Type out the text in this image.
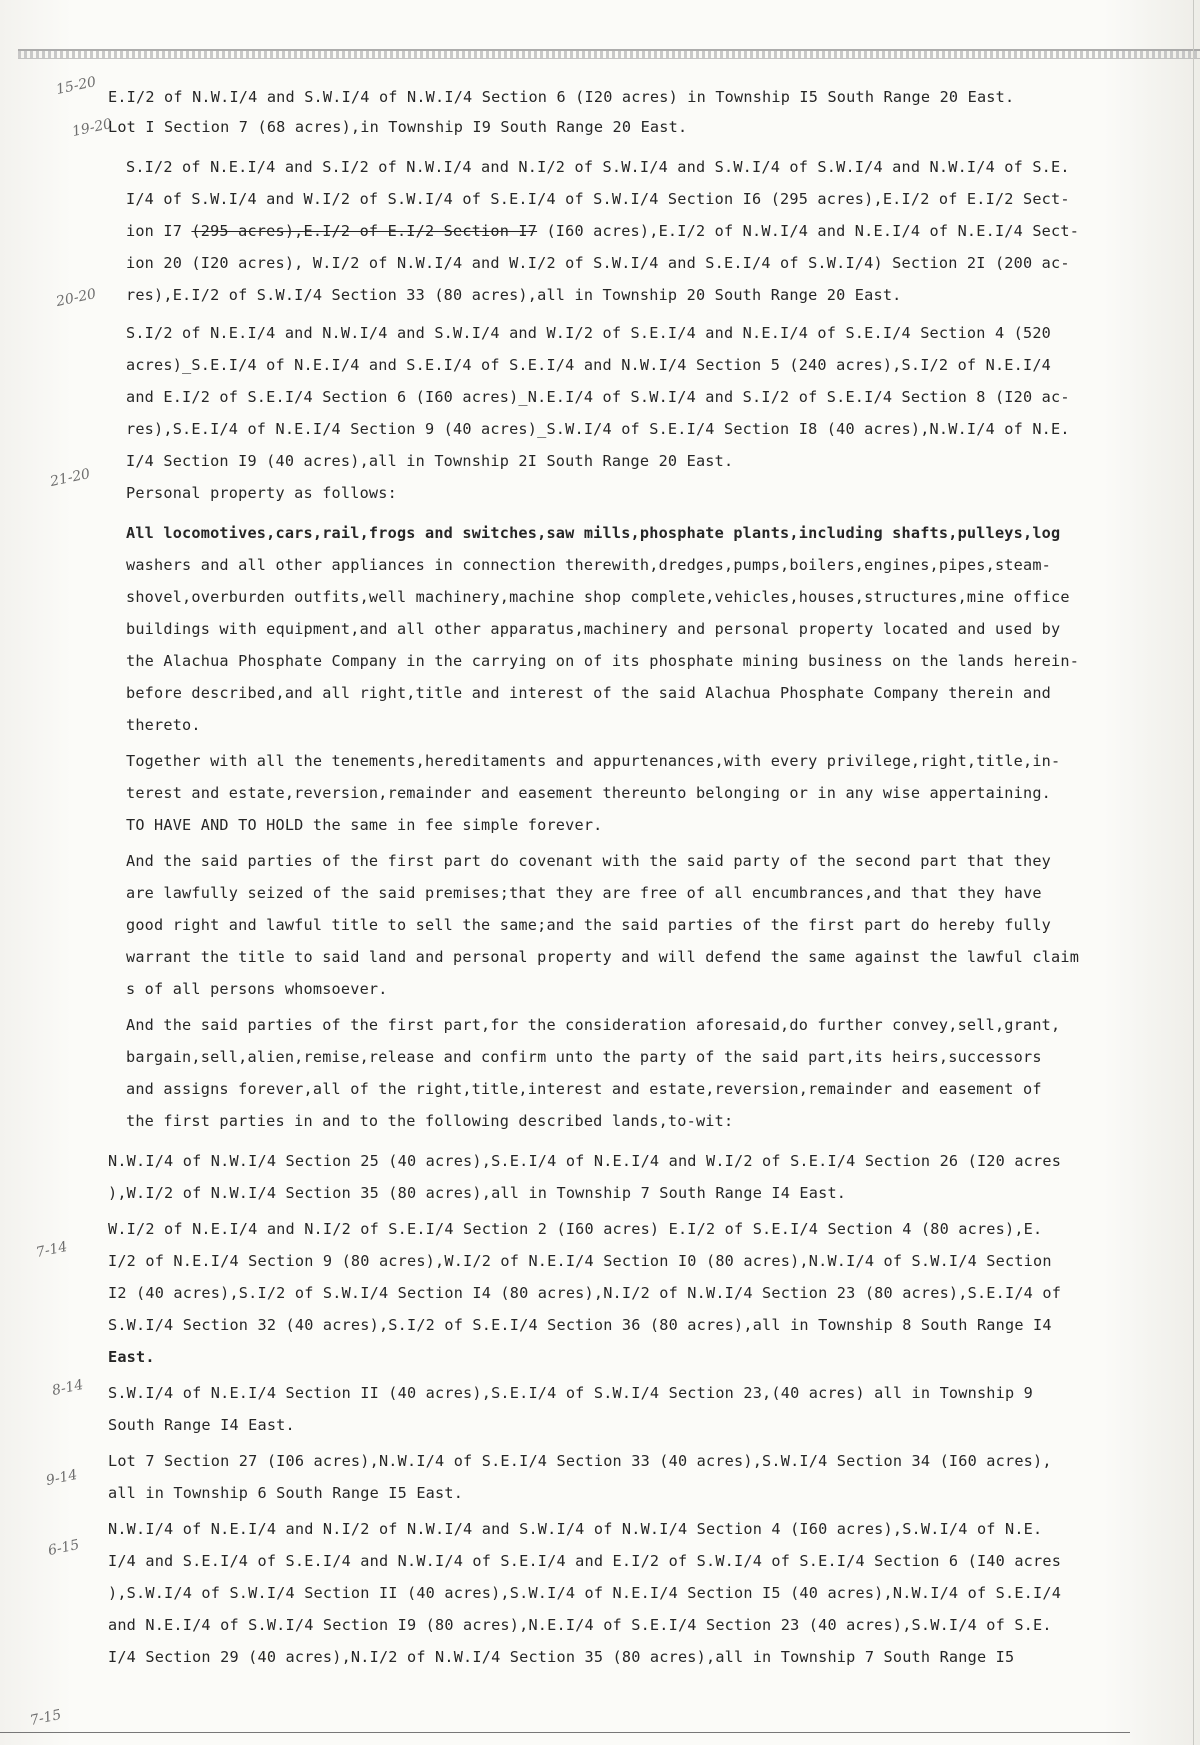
15-20
19-20
20-20
21-20
7-14
8-14
9-14
6-15
7-15
E.I/2 of N.W.I/4 and S.W.I/4 of N.W.I/4 Section 6 (I20 acres) in Township I5 South Range 20 East.
Lot I Section 7 (68 acres),in Township I9 South Range 20 East.
S.I/2 of N.E.I/4 and S.I/2 of N.W.I/4 and N.I/2 of S.W.I/4 and S.W.I/4 of S.W.I/4 and N.W.I/4 of S.E.
I/4 of S.W.I/4 and W.I/2 of S.W.I/4 of S.E.I/4 of S.W.I/4 Section I6 (295 acres),E.I/2 of E.I/2 Sect-
ion I7 (295 acres),E.I/2 of E.I/2 Section I7 (I60 acres),E.I/2 of N.W.I/4 and N.E.I/4 of N.E.I/4 Sect-
ion 20 (I20 acres), W.I/2 of N.W.I/4 and W.I/2 of S.W.I/4 and S.E.I/4 of S.W.I/4) Section 2I (200 ac-
res),E.I/2 of S.W.I/4 Section 33 (80 acres),all in Township 20 South Range 20 East.
S.I/2 of N.E.I/4 and N.W.I/4 and S.W.I/4 and W.I/2 of S.E.I/4 and N.E.I/4 of S.E.I/4 Section 4 (520
acres)_S.E.I/4 of N.E.I/4 and S.E.I/4 of S.E.I/4 and N.W.I/4 Section 5 (240 acres),S.I/2 of N.E.I/4
and E.I/2 of S.E.I/4 Section 6 (I60 acres)_N.E.I/4 of S.W.I/4 and S.I/2 of S.E.I/4 Section 8 (I20 ac-
res),S.E.I/4 of N.E.I/4 Section 9 (40 acres)_S.W.I/4 of S.E.I/4 Section I8 (40 acres),N.W.I/4 of N.E.
I/4 Section I9 (40 acres),all in Township 2I South Range 20 East.
Personal property as follows:
All locomotives,cars,rail,frogs and switches,saw mills,phosphate plants,including shafts,pulleys,log
washers and all other appliances in connection therewith,dredges,pumps,boilers,engines,pipes,steam-
shovel,overburden outfits,well machinery,machine shop complete,vehicles,houses,structures,mine office
buildings with equipment,and all other apparatus,machinery and personal property located and used by
the Alachua Phosphate Company in the carrying on of its phosphate mining business on the lands herein-
before described,and all right,title and interest of the said Alachua Phosphate Company therein and
thereto.
Together with all the tenements,hereditaments and appurtenances,with every privilege,right,title,in-
terest and estate,reversion,remainder and easement thereunto belonging or in any wise appertaining.
TO HAVE AND TO HOLD the same in fee simple forever.
And the said parties of the first part do covenant with the said party of the second part that they
are lawfully seized of the said premises;that they are free of all encumbrances,and that they have
good right and lawful title to sell the same;and the said parties of the first part do hereby fully
warrant the title to said land and personal property and will defend the same against the lawful claim
s of all persons whomsoever.
And the said parties of the first part,for the consideration aforesaid,do further convey,sell,grant,
bargain,sell,alien,remise,release and confirm unto the party of the said part,its heirs,successors
and assigns forever,all of the right,title,interest and estate,reversion,remainder and easement of
the first parties in and to the following described lands,to-wit:
N.W.I/4 of N.W.I/4 Section 25 (40 acres),S.E.I/4 of N.E.I/4 and W.I/2 of S.E.I/4 Section 26 (I20 acres
),W.I/2 of N.W.I/4 Section 35 (80 acres),all in Township 7 South Range I4 East.
W.I/2 of N.E.I/4 and N.I/2 of S.E.I/4 Section 2 (I60 acres) E.I/2 of S.E.I/4 Section 4 (80 acres),E.
I/2 of N.E.I/4 Section 9 (80 acres),W.I/2 of N.E.I/4 Section I0 (80 acres),N.W.I/4 of S.W.I/4 Section
I2 (40 acres),S.I/2 of S.W.I/4 Section I4 (80 acres),N.I/2 of N.W.I/4 Section 23 (80 acres),S.E.I/4 of
S.W.I/4 Section 32 (40 acres),S.I/2 of S.E.I/4 Section 36 (80 acres),all in Township 8 South Range I4
East.
S.W.I/4 of N.E.I/4 Section II (40 acres),S.E.I/4 of S.W.I/4 Section 23,(40 acres) all in Township 9
South Range I4 East.
Lot 7 Section 27 (I06 acres),N.W.I/4 of S.E.I/4 Section 33 (40 acres),S.W.I/4 Section 34 (I60 acres),
all in Township 6 South Range I5 East.
N.W.I/4 of N.E.I/4 and N.I/2 of N.W.I/4 and S.W.I/4 of N.W.I/4 Section 4 (I60 acres),S.W.I/4 of N.E.
I/4 and S.E.I/4 of S.E.I/4 and N.W.I/4 of S.E.I/4 and E.I/2 of S.W.I/4 of S.E.I/4 Section 6 (I40 acres
),S.W.I/4 of S.W.I/4 Section II (40 acres),S.W.I/4 of N.E.I/4 Section I5 (40 acres),N.W.I/4 of S.E.I/4
and N.E.I/4 of S.W.I/4 Section I9 (80 acres),N.E.I/4 of S.E.I/4 Section 23 (40 acres),S.W.I/4 of S.E.
I/4 Section 29 (40 acres),N.I/2 of N.W.I/4 Section 35 (80 acres),all in Township 7 South Range I5
